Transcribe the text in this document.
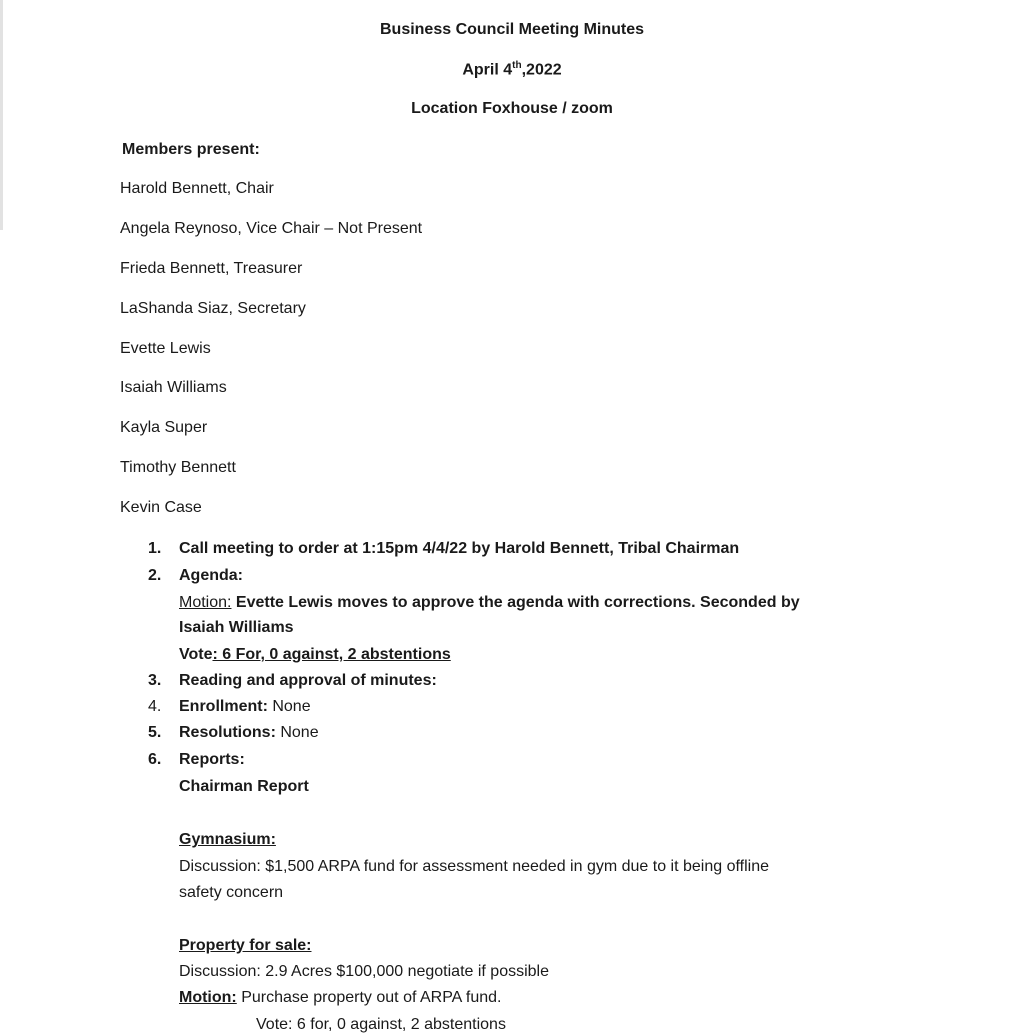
Business Council Meeting Minutes
April 4th,2022
Location Foxhouse / zoom
Members present:
Harold Bennett, Chair
Angela Reynoso, Vice Chair – Not Present
Frieda Bennett, Treasurer
LaShanda Siaz, Secretary
Evette Lewis
Isaiah Williams
Kayla Super
Timothy Bennett
Kevin Case
1. Call meeting to order at 1:15pm 4/4/22 by Harold Bennett, Tribal Chairman
2. Agenda:
Motion: Evette Lewis moves to approve the agenda with corrections. Seconded by
Isaiah Williams
Vote: 6 For, 0 against, 2 abstentions
3. Reading and approval of minutes:
4. Enrollment: None
5. Resolutions: None
6. Reports:
Chairman Report
Gymnasium:
Discussion: $1,500 ARPA fund for assessment needed in gym due to it being offline
safety concern
Property for sale:
Discussion: 2.9 Acres $100,000 negotiate if possible
Motion: Purchase property out of ARPA fund.
Vote: 6 for, 0 against, 2 abstentions
